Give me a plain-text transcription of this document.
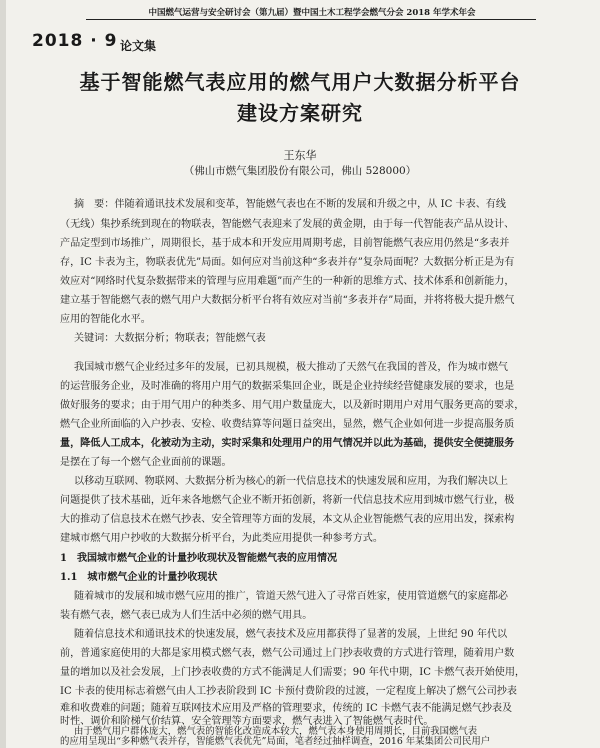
中国燃气运营与安全研讨会（第九届）暨中国土木工程学会燃气分会 2018 年学术年会
2018 · 9 论文集
基于智能燃气表应用的燃气用户大数据分析平台
建设方案研究
王东华
（佛山市燃气集团股份有限公司，佛山 528000）
摘　要：伴随着通讯技术发展和变革，智能燃气表也在不断的发展和升级之中，从 IC 卡表、有线
（无线）集抄系统到现在的物联表，智能燃气表迎来了发展的黄金期，由于每一代智能表产品从设计、
产品定型到市场推广，周期很长，基于成本和开发应用周期考虑，目前智能燃气表应用仍然是“多表并
存，IC 卡表为主，物联表优先”局面。如何应对当前这种“多表并存”复杂局面呢？大数据分析正是为有
效应对“网络时代复杂数据带来的管理与应用难题”而产生的一种新的思维方式、技术体系和创新能力，
建立基于智能燃气表的燃气用户大数据分析平台将有效应对当前“多表并存”局面，并将将极大提升燃气
应用的智能化水平。
关键词：大数据分析；物联表；智能燃气表
我国城市燃气企业经过多年的发展，已初具规模，极大推动了天然气在我国的普及，作为城市燃气
的运营服务企业，及时准确的将用户用气的数据采集回企业，既是企业持续经营健康发展的要求，也是
做好服务的要求；由于用气用户的种类多、用气用户数量庞大，以及新时期用户对用气服务更高的要求，
燃气企业所面临的入户抄表、安检、收费结算等问题日益突出，显然，燃气企业如何进一步提高服务质
量，降低人工成本，化被动为主动，实时采集和处理用户的用气情况并以此为基础，提供安全便捷服务
是摆在了每一个燃气企业面前的课题。
以移动互联网、物联网、大数据分析为核心的新一代信息技术的快速发展和应用，为我们解决以上
问题提供了技术基础，近年来各地燃气企业不断开拓创新，将新一代信息技术应用到城市燃气行业，极
大的推动了信息技术在燃气抄表、安全管理等方面的发展，本文从企业智能燃气表的应用出发，探索构
建城市燃气用户抄收的大数据分析平台，为此类应用提供一种参考方式。
1　我国城市燃气企业的计量抄收现状及智能燃气表的应用情况
1.1　城市燃气企业的计量抄收现状
随着城市的发展和城市燃气应用的推广，管道天然气进入了寻常百姓家，使用管道燃气的家庭都必
装有燃气表，燃气表已成为人们生活中必须的燃气用具。
随着信息技术和通讯技术的快速发展，燃气表技术及应用都获得了显著的发展，上世纪 90 年代以
前，普通家庭使用的大都是家用模式燃气表，燃气公司通过上门抄表收费的方式进行管理，随着用户数
量的增加以及社会发展，上门抄表收费的方式不能满足人们需要；90 年代中期，IC 卡燃气表开始使用，
IC 卡表的使用标志着燃气由人工抄表阶段到 IC 卡预付费阶段的过渡，一定程度上解决了燃气公司抄表
难和收费难的问题；随着互联网技术应用及严格的管理要求，传统的 IC 卡燃气表不能满足燃气抄表及
时性、调价和阶梯气价结算、安全管理等方面要求，燃气表进入了智能燃气表时代。
由于燃气用户群体庞大，燃气表的智能化改造成本较大，燃气表本身使用周期长，目前我国燃气表
的应用呈现出“多种燃气表并存，智能燃气表优先”局面，笔者经过抽样调查，2016 年某集团公司民用户
